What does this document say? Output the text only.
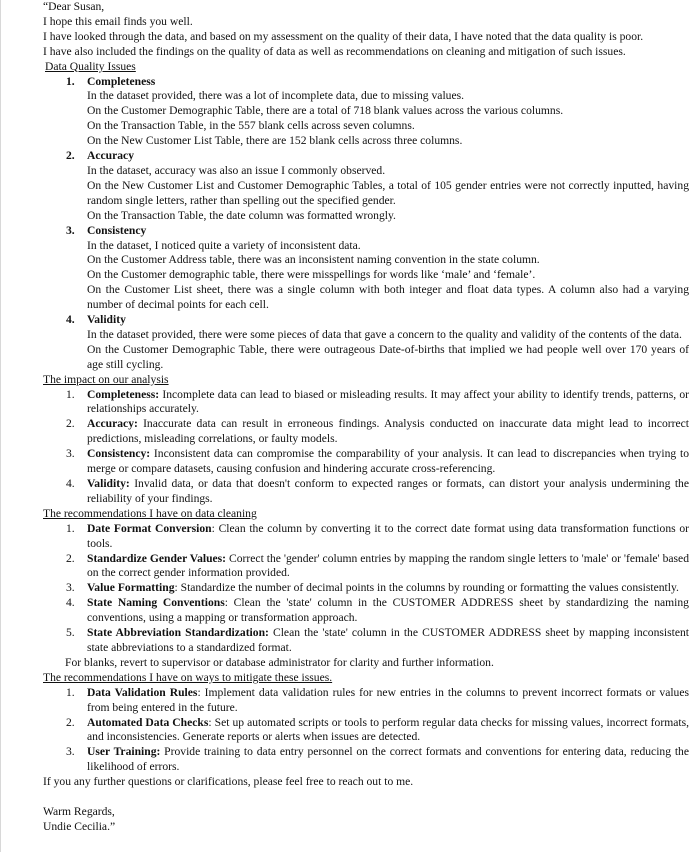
“Dear Susan,

I hope this email finds you well.

I have looked through the data, and based on my assessment on the quality of their data, I have noted that the data quality is poor.

I have also included the findings on the quality of data as well as recommendations on cleaning and mitigation of such issues.

Data Quality Issues

1. Completeness

In the dataset provided, there was a lot of incomplete data, due to missing values.

On the Customer Demographic Table, there are a total of 718 blank values across the various columns.

On the Transaction Table, in the 557 blank cells across seven columns.

On the New Customer List Table, there are 152 blank cells across three columns.

2. Accuracy

In the dataset, accuracy was also an issue I commonly observed.

On the New Customer List and Customer Demographic Tables, a total of 105 gender entries were not correctly inputted, having random single letters, rather than spelling out the specified gender.

On the Transaction Table, the date column was formatted wrongly.

3. Consistency

In the dataset, I noticed quite a variety of inconsistent data.

On the Customer Address table, there was an inconsistent naming convention in the state column.

On the Customer demographic table, there were misspellings for words like ‘male’ and ‘female’.

On the Customer List sheet, there was a single column with both integer and float data types. A column also had a varying number of decimal points for each cell.

4. Validity

In the dataset provided, there were some pieces of data that gave a concern to the quality and validity of the contents of the data.

On the Customer Demographic Table, there were outrageous Date-of-births that implied we had people well over 170 years of age still cycling.

The impact on our analysis

1. Completeness: Incomplete data can lead to biased or misleading results. It may affect your ability to identify trends, patterns, or relationships accurately.
2. Accuracy: Inaccurate data can result in erroneous findings. Analysis conducted on inaccurate data might lead to incorrect predictions, misleading correlations, or faulty models.
3. Consistency: Inconsistent data can compromise the comparability of your analysis. It can lead to discrepancies when trying to merge or compare datasets, causing confusion and hindering accurate cross-referencing.
4. Validity: Invalid data, or data that doesn't conform to expected ranges or formats, can distort your analysis undermining the reliability of your findings.

The recommendations I have on data cleaning

1. Date Format Conversion: Clean the column by converting it to the correct date format using data transformation functions or tools.
2. Standardize Gender Values: Correct the 'gender' column entries by mapping the random single letters to 'male' or 'female' based on the correct gender information provided.
3. Value Formatting: Standardize the number of decimal points in the columns by rounding or formatting the values consistently.
4. State Naming Conventions: Clean the 'state' column in the CUSTOMER ADDRESS sheet by standardizing the naming conventions, using a mapping or transformation approach.
5. State Abbreviation Standardization: Clean the 'state' column in the CUSTOMER ADDRESS sheet by mapping inconsistent state abbreviations to a standardized format.

For blanks, revert to supervisor or database administrator for clarity and further information.

The recommendations I have on ways to mitigate these issues.

1. Data Validation Rules: Implement data validation rules for new entries in the columns to prevent incorrect formats or values from being entered in the future.
2. Automated Data Checks: Set up automated scripts or tools to perform regular data checks for missing values, incorrect formats, and inconsistencies. Generate reports or alerts when issues are detected.
3. User Training: Provide training to data entry personnel on the correct formats and conventions for entering data, reducing the likelihood of errors.

If you any further questions or clarifications, please feel free to reach out to me.

Warm Regards,

Undie Cecilia.”
